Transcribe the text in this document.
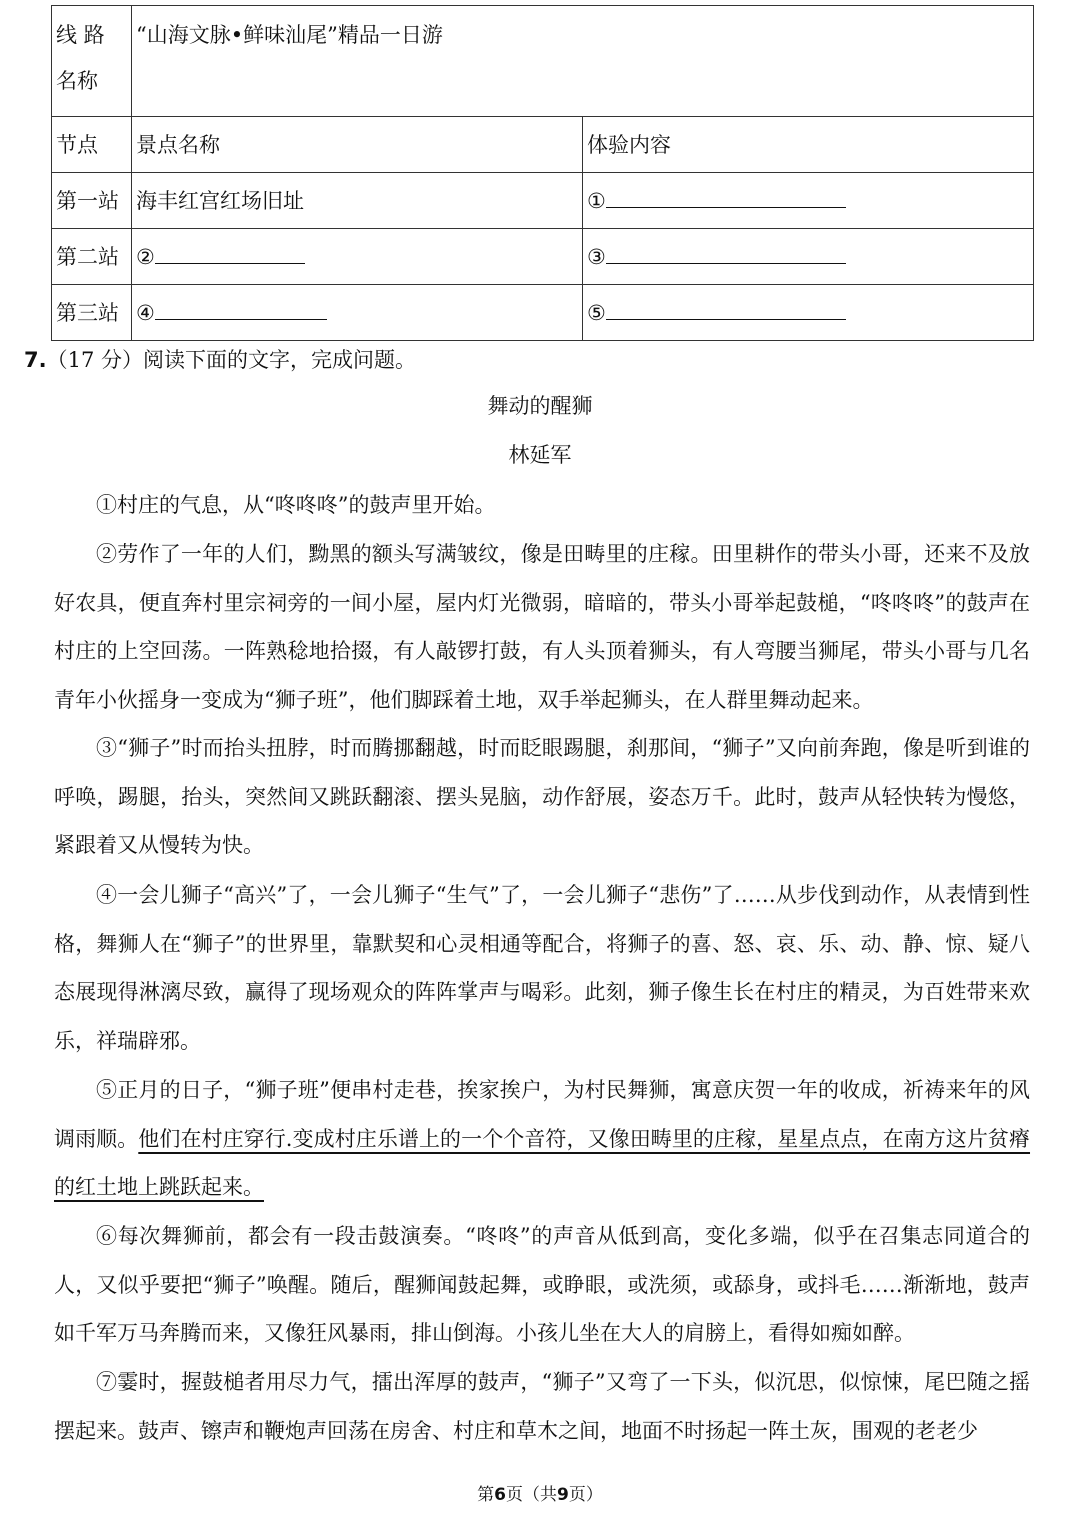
线 路 名称	“山海文脉•鲜味汕尾”精品一日游	
节点	景点名称	体验内容
第一站	海丰红宫红场旧址	①
第二站	②	③
第三站	④	⑤
7.（17 分）阅读下面的文字，完成问题。
舞动的醒狮
林延军

①村庄的气息，从“咚咚咚”的鼓声里开始。

②劳作了一年的人们，黝黑的额头写满皱纹，像是田畴里的庄稼。田里耕作的带头小哥，还来不及放好农具，便直奔村里宗祠旁的一间小屋，屋内灯光微弱，暗暗的，带头小哥举起鼓槌，“咚咚咚”的鼓声在村庄的上空回荡。一阵熟稔地拾掇，有人敲锣打鼓，有人头顶着狮头，有人弯腰当狮尾，带头小哥与几名青年小伙摇身一变成为“狮子班”，他们脚踩着土地，双手举起狮头，在人群里舞动起来。

③“狮子”时而抬头扭脖，时而腾挪翻越，时而眨眼踢腿，刹那间，“狮子”又向前奔跑，像是听到谁的呼唤，踢腿，抬头，突然间又跳跃翻滚、摆头晃脑，动作舒展，姿态万千。此时，鼓声从轻快转为慢悠，紧跟着又从慢转为快。

④一会儿狮子“高兴”了，一会儿狮子“生气”了，一会儿狮子“悲伤”了……从步伐到动作，从表情到性格，舞狮人在“狮子”的世界里，靠默契和心灵相通等配合，将狮子的喜、怒、哀、乐、动、静、惊、疑八态展现得淋漓尽致，赢得了现场观众的阵阵掌声与喝彩。此刻，狮子像生长在村庄的精灵，为百姓带来欢乐，祥瑞辟邪。

⑤正月的日子，“狮子班”便串村走巷，挨家挨户，为村民舞狮，寓意庆贺一年的收成，祈祷来年的风调雨顺。他们在村庄穿行.变成村庄乐谱上的一个个音符，又像田畴里的庄稼，星星点点，在南方这片贫瘠的红土地上跳跃起来。

⑥每次舞狮前，都会有一段击鼓演奏。“咚咚”的声音从低到高，变化多端，似乎在召集志同道合的人，又似乎要把“狮子”唤醒。随后，醒狮闻鼓起舞，或睁眼，或洗须，或舔身，或抖毛……渐渐地，鼓声如千军万马奔腾而来，又像狂风暴雨，排山倒海。小孩儿坐在大人的肩膀上，看得如痴如醉。

⑦霎时，握鼓槌者用尽力气，擂出浑厚的鼓声，“狮子”又弯了一下头，似沉思，似惊悚，尾巴随之摇摆起来。鼓声、镲声和鞭炮声回荡在房舍、村庄和草木之间，地面不时扬起一阵土灰，围观的老老少

第6页（共9页）
